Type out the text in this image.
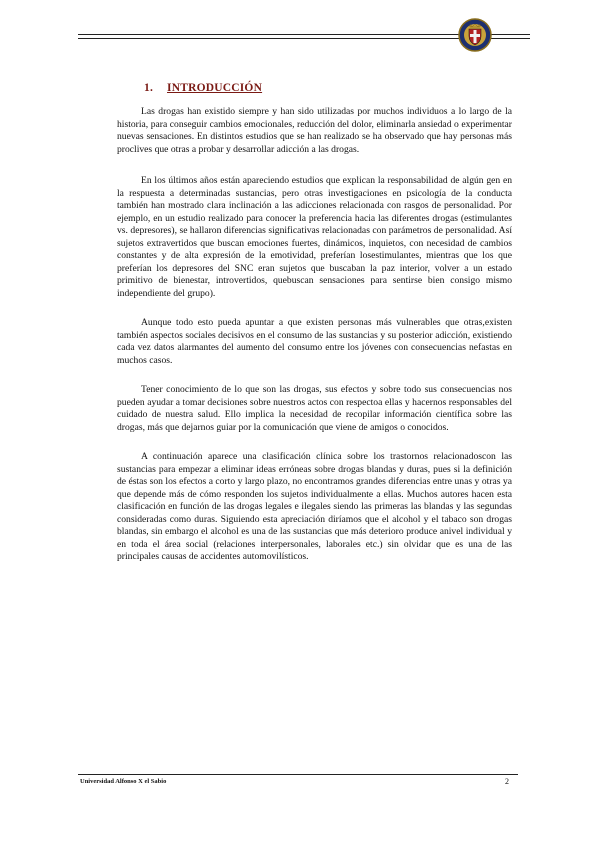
1. INTRODUCCIÓN

Las drogas han existido siempre y han sido utilizadas por muchos individuos a lo largo de la historia, para conseguir cambios emocionales, reducción del dolor, eliminarla ansiedad o experimentar nuevas sensaciones. En distintos estudios que se han realizado se ha observado que hay personas más proclives que otras a probar y desarrollar adicción a las drogas.

En los últimos años están apareciendo estudios que explican la responsabilidad de algún gen en la respuesta a determinadas sustancias, pero otras investigaciones en psicología de la conducta también han mostrado clara inclinación a las adicciones relacionada con rasgos de personalidad. Por ejemplo, en un estudio realizado para conocer la preferencia hacia las diferentes drogas (estimulantes vs. depresores), se hallaron diferencias significativas relacionadas con parámetros de personalidad. Así sujetos extravertidos que buscan emociones fuertes, dinámicos, inquietos, con necesidad de cambios constantes y de alta expresión de la emotividad, preferían losestimulantes, mientras que los que preferían los depresores del SNC eran sujetos que buscaban la paz interior, volver a un estado primitivo de bienestar, introvertidos, quebuscan sensaciones para sentirse bien consigo mismo independiente del grupo).

Aunque todo esto pueda apuntar a que existen personas más vulnerables que otras,existen también aspectos sociales decisivos en el consumo de las sustancias y su posterior adicción, existiendo cada vez datos alarmantes del aumento del consumo entre los jóvenes con consecuencias nefastas en muchos casos.

Tener conocimiento de lo que son las drogas, sus efectos y sobre todo sus consecuencias nos pueden ayudar a tomar decisiones sobre nuestros actos con respectoa ellas y hacernos responsables del cuidado de nuestra salud. Ello implica la necesidad de recopilar información científica sobre las drogas, más que dejarnos guiar por la comunicación que viene de amigos o conocidos.

A continuación aparece una clasificación clínica sobre los trastornos relacionadoscon las sustancias para empezar a eliminar ideas erróneas sobre drogas blandas y duras, pues si la definición de éstas son los efectos a corto y largo plazo, no encontramos grandes diferencias entre unas y otras ya que depende más de cómo responden los sujetos individualmente a ellas. Muchos autores hacen esta clasificación en función de las drogas legales e ilegales siendo las primeras las blandas y las segundas consideradas como duras. Siguiendo esta apreciación diríamos que el alcohol y el tabaco son drogas blandas, sin embargo el alcohol es una de las sustancias que más deterioro produce anivel individual y en toda el área social (relaciones interpersonales, laborales etc.) sin olvidar que es una de las principales causas de accidentes automovilísticos.

Universidad Alfonso X el Sabio	2
